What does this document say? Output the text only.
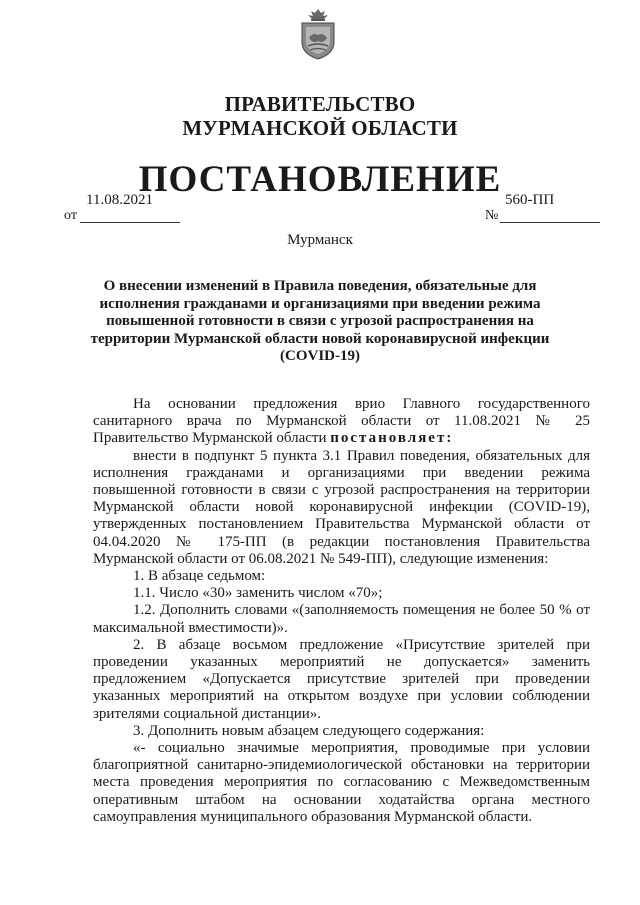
ПРАВИТЕЛЬСТВО
МУРМАНСКОЙ ОБЛАСТИ
ПОСТАНОВЛЕНИЕ
11.08.2021	560-ПП
от	№
Мурманск
О внесении изменений в Правила поведения, обязательные для исполнения гражданами и организациями при введении режима повышенной готовности в связи с угрозой распространения на территории Мурманской области новой коронавирусной инфекции (COVID-19)

На основании предложения врио Главного государственного санитарного врача по Мурманской области от 11.08.2021 № 25 Правительство Мурманской области постановляет:

внести в подпункт 5 пункта 3.1 Правил поведения, обязательных для исполнения гражданами и организациями при введении режима повышенной готовности в связи с угрозой распространения на территории Мурманской области новой коронавирусной инфекции (COVID-19), утвержденных постановлением Правительства Мурманской области от 04.04.2020 № 175-ПП (в редакции постановления Правительства Мурманской области от 06.08.2021 № 549-ПП), следующие изменения:

1. В абзаце седьмом:

1.1. Число «30» заменить числом «70»;

1.2. Дополнить словами «(заполняемость помещения не более 50 % от максимальной вместимости)».

2. В абзаце восьмом предложение «Присутствие зрителей при проведении указанных мероприятий не допускается» заменить предложением «Допускается присутствие зрителей при проведении указанных мероприятий на открытом воздухе при условии соблюдении зрителями социальной дистанции».

3. Дополнить новым абзацем следующего содержания:

«- социально значимые мероприятия, проводимые при условии благоприятной санитарно-эпидемиологической обстановки на территории места проведения мероприятия по согласованию с Межведомственным оперативным штабом на основании ходатайства органа местного самоуправления муниципального образования Мурманской области.
